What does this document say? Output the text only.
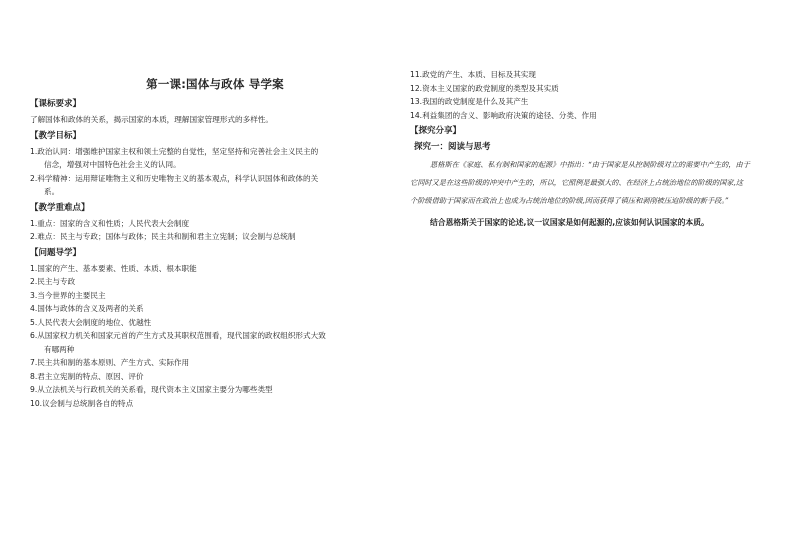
第一课:国体与政体 导学案
【课标要求】
了解国体和政体的关系，揭示国家的本质，理解国家管理形式的多样性。
【教学目标】
1.政治认同：增强维护国家主权和领土完整的自觉性，坚定坚持和完善社会主义民主的
信念，增强对中国特色社会主义的认同。
2.科学精神：运用辩证唯物主义和历史唯物主义的基本观点，科学认识国体和政体的关
系。
【教学重难点】
1.重点：国家的含义和性质；人民代表大会制度
2.难点：民主与专政；国体与政体；民主共和制和君主立宪制；议会制与总统制
【问题导学】
1.国家的产生、基本要素、性质、本质、根本职能
2.民主与专政
3.当今世界的主要民主
4.国体与政体的含义及两者的关系
5.人民代表大会制度的地位、优越性
6.从国家权力机关和国家元首的产生方式及其职权范围看，现代国家的政权组织形式大致
有哪两种
7.民主共和制的基本原则、产生方式、实际作用
8.君主立宪制的特点、原因、评价
9.从立法机关与行政机关的关系看，现代资本主义国家主要分为哪些类型
10.议会制与总统制各自的特点
11.政党的产生、本质、目标及其实现
12.资本主义国家的政党制度的类型及其实质
13.我国的政党制度是什么及其产生
14.利益集团的含义、影响政府决策的途径、分类、作用
【探究分享】
探究一：阅读与思考
恩格斯在《家庭、私有制和国家的起源》中指出：“由于国家是从控制阶级对立的需要中产生的，由于它同时又是在这些阶级的冲突中产生的，所以，它照例是最强大的、在经济上占统治地位的阶级的国家,这个阶级借助于国家而在政治上也成为占统治地位的阶级,因而获得了镇压和剥削被压迫阶级的新手段。”
结合恩格斯关于国家的论述,议一议国家是如何起源的,应该如何认识国家的本质。
